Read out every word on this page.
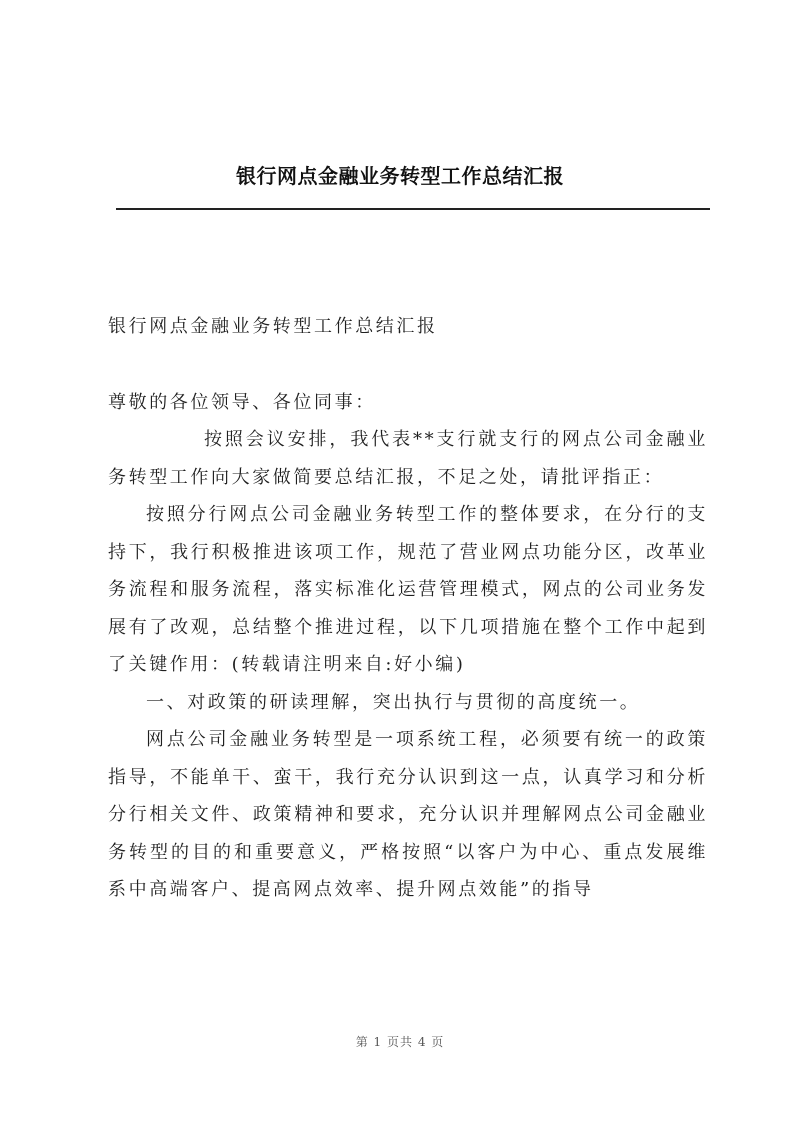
银行网点金融业务转型工作总结汇报

银行网点金融业务转型工作总结汇报

尊敬的各位领导、各位同事：

按照会议安排，我代表**支行就支行的网点公司金融业务转型工作向大家做简要总结汇报，不足之处，请批评指正：

按照分行网点公司金融业务转型工作的整体要求，在分行的支持下，我行积极推进该项工作，规范了营业网点功能分区，改革业务流程和服务流程，落实标准化运营管理模式，网点的公司业务发展有了改观，总结整个推进过程，以下几项措施在整个工作中起到了关键作用：(转载请注明来自:好小编)

一、对政策的研读理解，突出执行与贯彻的高度统一。

网点公司金融业务转型是一项系统工程，必须要有统一的政策指导，不能单干、蛮干，我行充分认识到这一点，认真学习和分析分行相关文件、政策精神和要求，充分认识并理解网点公司金融业务转型的目的和重要意义，严格按照“以客户为中心、重点发展维系中高端客户、提高网点效率、提升网点效能”的指导

第 1 页共 4 页
